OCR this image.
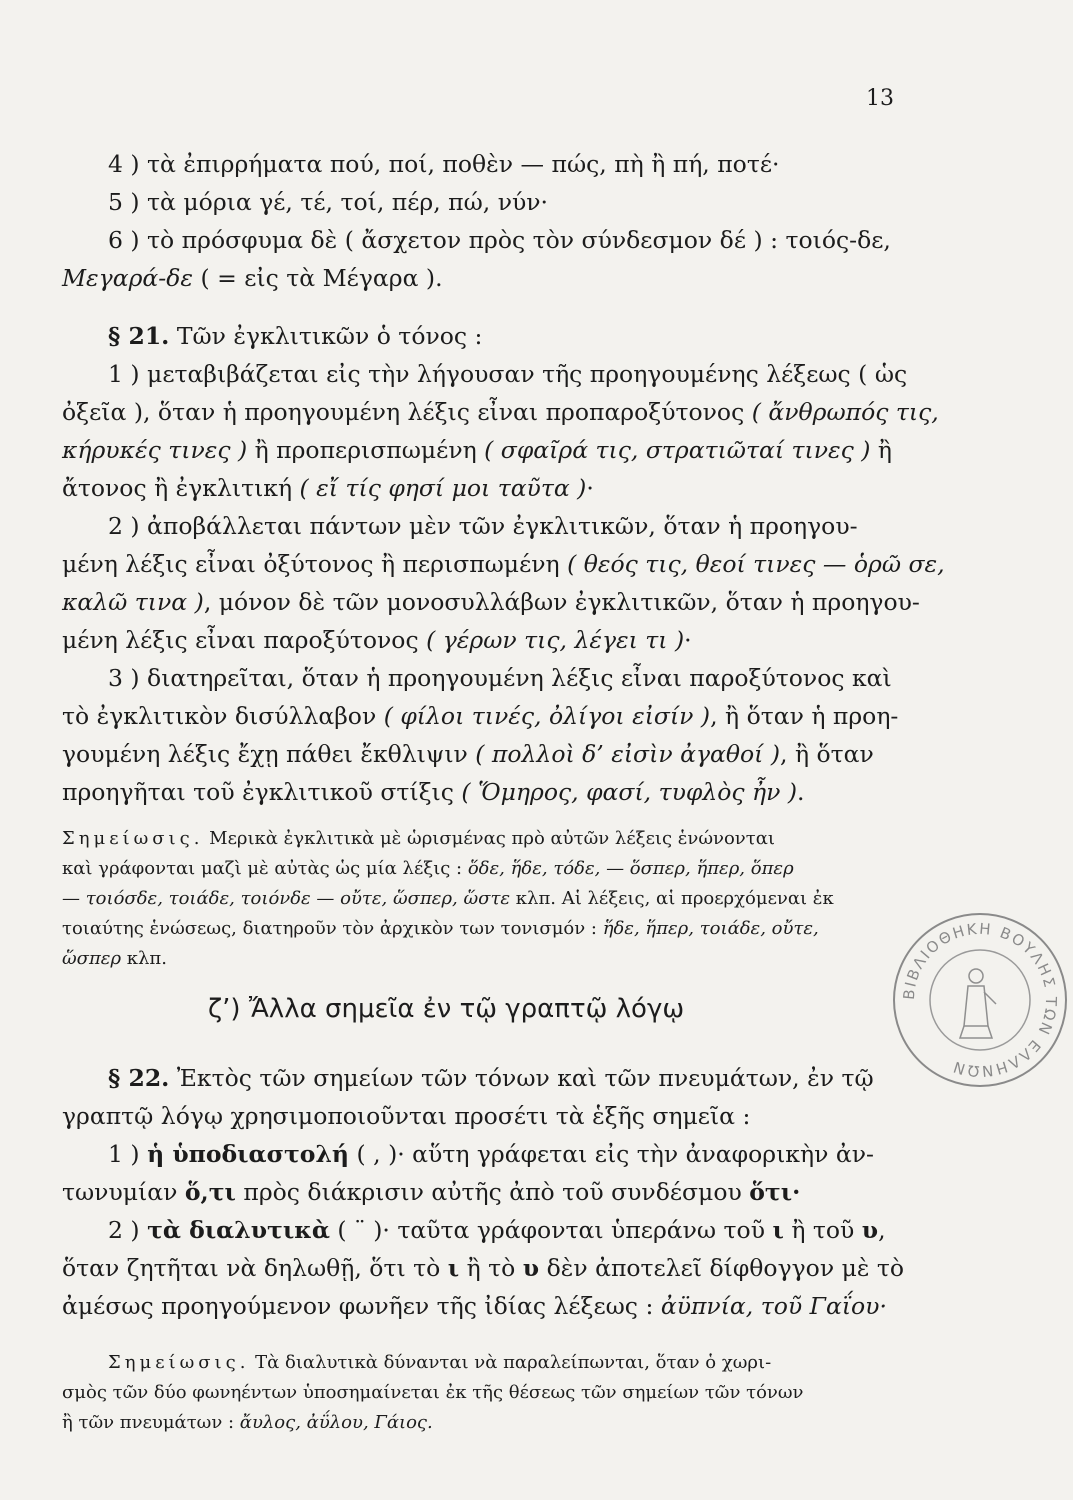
13
4 ) τὰ ἐπιρρήματα πού, ποί, ποθὲν — πώς, πὴ ἢ πή, ποτέ·
5 ) τὰ μόρια γέ, τέ, τοί, πέρ, πώ, νύν·
6 ) τὸ πρόσφυμα δὲ ( ἄσχετον πρὸς τὸν σύνδεσμον δέ ) : τοιός-δε,
Μεγαρά-δε ( = εἰς τὰ Μέγαρα ).
§ 21. Τῶν ἐγκλιτικῶν ὁ τόνος :
1 ) μεταβιβάζεται εἰς τὴν λήγουσαν τῆς προηγουμένης λέξεως ( ὡς
ὀξεῖα ), ὅταν ἡ προηγουμένη λέξις εἶναι προπαροξύτονος ( ἄνθρωπός τις,
κήρυκές τινες ) ἢ προπερισπωμένη ( σφαῖρά τις, στρατιῶταί τινες ) ἢ
ἄτονος ἢ ἐγκλιτική ( εἴ τίς φησί μοι ταῦτα )·
2 ) ἀποβάλλεται πάντων μὲν τῶν ἐγκλιτικῶν, ὅταν ἡ προηγου-
μένη λέξις εἶναι ὀξύτονος ἢ περισπωμένη ( θεός τις, θεοί τινες — ὁρῶ σε,
καλῶ τινα ), μόνον δὲ τῶν μονοσυλλάβων ἐγκλιτικῶν, ὅταν ἡ προηγου-
μένη λέξις εἶναι παροξύτονος ( γέρων τις, λέγει τι )·
3 ) διατηρεῖται, ὅταν ἡ προηγουμένη λέξις εἶναι παροξύτονος καὶ
τὸ ἐγκλιτικὸν δισύλλαβον ( φίλοι τινές, ὀλίγοι εἰσίν ), ἢ ὅταν ἡ προη-
γουμένη λέξις ἔχῃ πάθει ἔκθλιψιν ( πολλοὶ δ’ εἰσὶν ἀγαθοί ), ἢ ὅταν
προηγῆται τοῦ ἐγκλιτικοῦ στίξις ( Ὅμηρος, φασί, τυφλὸς ἦν ).
Σημείωσις. Μερικὰ ἐγκλιτικὰ μὲ ὡρισμένας πρὸ αὐτῶν λέξεις ἑνώνονται
καὶ γράφονται μαζὶ μὲ αὐτὰς ὡς μία λέξις : ὅδε, ἥδε, τόδε, — ὅσπερ, ἥπερ, ὅπερ
— τοιόσδε, τοιάδε, τοιόνδε — οὔτε, ὥσπερ, ὥστε κλπ. Αἱ λέξεις, αἱ προερχόμεναι ἐκ
τοιαύτης ἑνώσεως, διατηροῦν τὸν ἀρχικὸν των τονισμόν : ἥδε, ἥπερ, τοιάδε, οὔτε,
ὥσπερ κλπ.
ζ’) Ἄλλα σημεῖα ἐν τῷ γραπτῷ λόγῳ
§ 22. Ἐκτὸς τῶν σημείων τῶν τόνων καὶ τῶν πνευμάτων, ἐν τῷ
γραπτῷ λόγῳ χρησιμοποιοῦνται προσέτι τὰ ἑξῆς σημεῖα :
1 ) ἡ ὑποδιαστολή ( , )· αὕτη γράφεται εἰς τὴν ἀναφορικὴν ἀν-
τωνυμίαν ὅ,τι πρὸς διάκρισιν αὐτῆς ἀπὸ τοῦ συνδέσμου ὅτι·
2 ) τὰ διαλυτικὰ ( ¨ )· ταῦτα γράφονται ὑπεράνω τοῦ ι ἢ τοῦ υ,
ὅταν ζητῆται νὰ δηλωθῇ, ὅτι τὸ ι ἢ τὸ υ δὲν ἀποτελεῖ δίφθογγον μὲ τὸ
ἀμέσως προηγούμενον φωνῆεν τῆς ἰδίας λέξεως : ἀϋπνία, τοῦ Γαΐου·
Σημείωσις. Τὰ διαλυτικὰ δύνανται νὰ παραλείπωνται, ὅταν ὁ χωρι-
σμὸς τῶν δύο φωνηέντων ὑποσημαίνεται ἐκ τῆς θέσεως τῶν σημείων τῶν τόνων
ἢ τῶν πνευμάτων : ἄυλος, ἀΰλου, Γάιος.
ΒΙΒΛΙΟΘΗΚΗ ΒΟΥΛΗΣ ΤΩΝ ΕΛΛΗΝΩΝ
